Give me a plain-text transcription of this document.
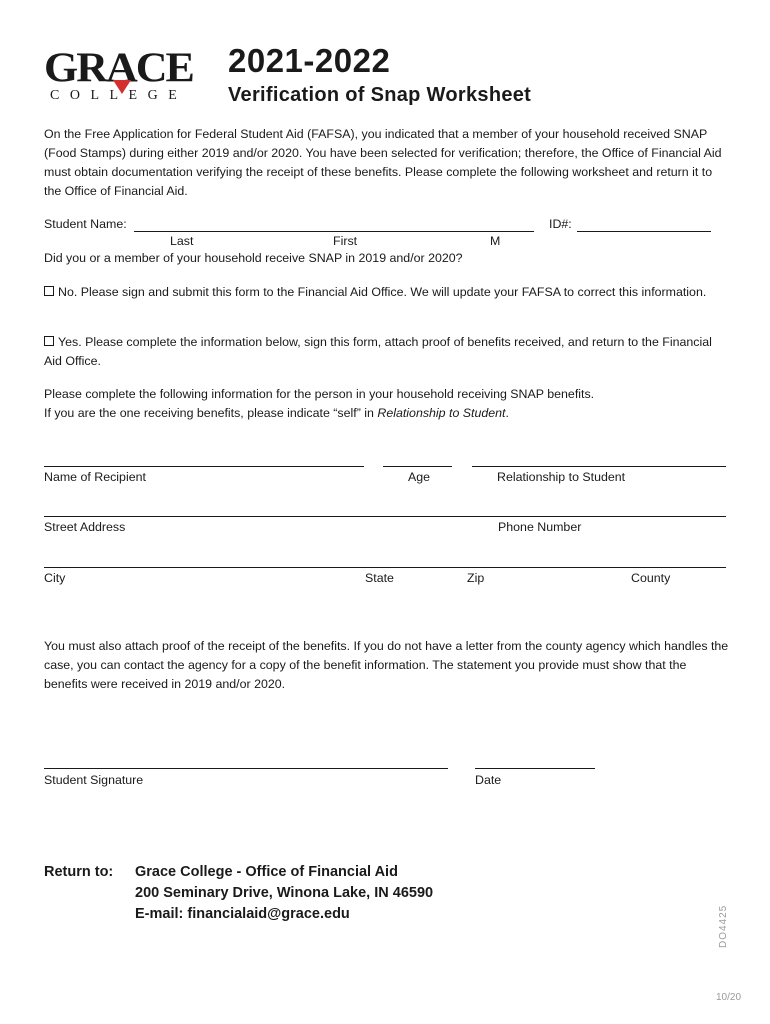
GRACE
COLLEGE
2021-2022
Verification of Snap Worksheet
On the Free Application for Federal Student Aid (FAFSA), you indicated that a member of your household received SNAP (Food Stamps) during either 2019 and/or 2020. You have been selected for verification; therefore, the Office of Financial Aid must obtain documentation verifying the receipt of these benefits. Please complete the following worksheet and return it to the Office of Financial Aid.
Student Name:	ID#:
Last	First	M
Did you or a member of your household receive SNAP in 2019 and/or 2020?
No. Please sign and submit this form to the Financial Aid Office. We will update your FAFSA to correct this information.
Yes. Please complete the information below, sign this form, attach proof of benefits received, and return to the Financial Aid Office.
Please complete the following information for the person in your household receiving SNAP benefits.
If you are the one receiving benefits, please indicate “self” in Relationship to Student.
Name of Recipient	Age	Relationship to Student
Street Address	Phone Number
City	State	Zip	County
You must also attach proof of the receipt of the benefits. If you do not have a letter from the county agency which handles the case, you can contact the agency for a copy of the benefit information. The statement you provide must show that the benefits were received in 2019 and/or 2020.
Student Signature	Date
Return to: Grace College - Office of Financial Aid
200 Seminary Drive, Winona Lake, IN 46590
E-mail: financialaid@grace.edu	DO4425
10/20
